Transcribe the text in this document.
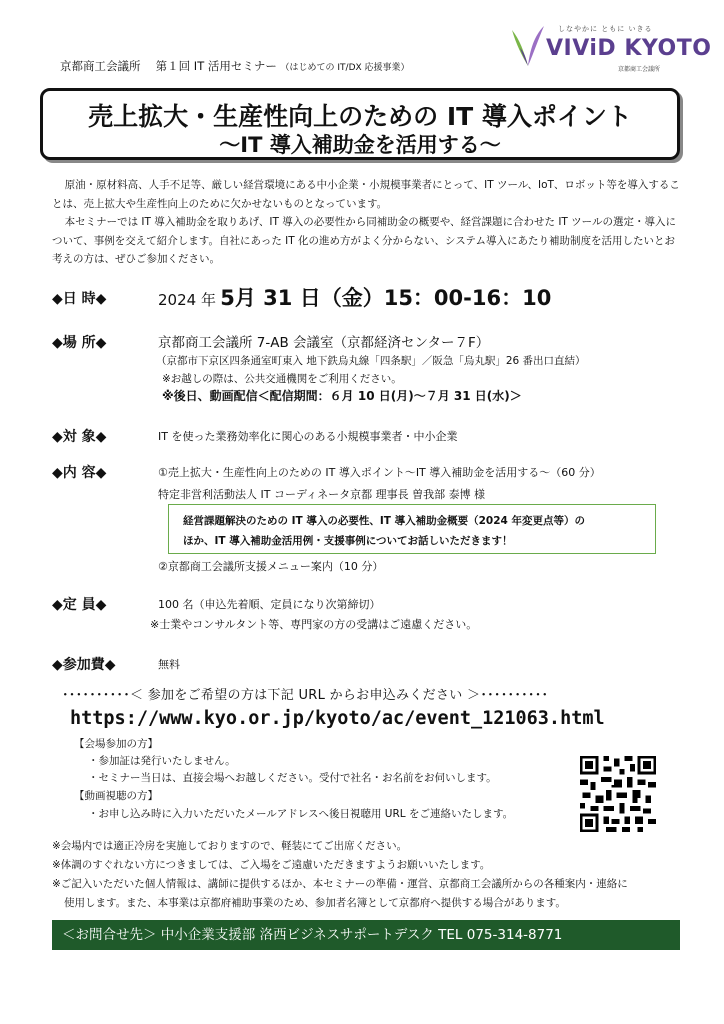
京都商工会議所　 第１回 IT 活用セミナー （はじめての IT/DX 応援事業）
しなやかに ともに いきる
VIViD KYOTO
京都商工会議所
売上拡大・生産性向上のための IT 導入ポイント
～IT 導入補助金を活用する～

原油・原材料高、人手不足等、厳しい経営環境にある中小企業・小規模事業者にとって、IT ツール、IoT、ロボット等を導入することは、売上拡大や生産性向上のために欠かせないものとなっています。

本セミナーでは IT 導入補助金を取りあげ、IT 導入の必要性から同補助金の概要や、経営課題に合わせた IT ツールの選定・導入について、事例を交えて紹介します。自社にあった IT 化の進め方がよく分からない、システム導入にあたり補助制度を活用したいとお考えの方は、ぜひご参加ください。

◆日 時◆	2024 年 5月 31 日（金）15：00-16：10
◆場 所◆	京都商工会議所 7-AB 会議室（京都経済センター７F）
（京都市下京区四条通室町東入 地下鉄烏丸線「四条駅」／阪急「烏丸駅」26 番出口直結）
※お越しの際は、公共交通機関をご利用ください。
※後日、動画配信＜配信期間：６月 10 日(月)～７月 31 日(水)＞
◆対 象◆	IT を使った業務効率化に関心のある小規模事業者・中小企業
◆内 容◆	①売上拡大・生産性向上のための IT 導入ポイント～IT 導入補助金を活用する～（60 分）
特定非営利活動法人 IT コーディネータ京都 理事長 曽我部 泰博 様
経営課題解決のための IT 導入の必要性、IT 導入補助金概要（2024 年変更点等）の
ほか、IT 導入補助金活用例・支援事例についてお話しいただきます！
②京都商工会議所支援メニュー案内（10 分）
◆定 員◆	100 名（申込先着順、定員になり次第締切）
※士業やコンサルタント等、専門家の方の受講はご遠慮ください。
◆参加費◆	無料
･･････････＜ 参加をご希望の方は下記 URL からお申込みください ＞･･････････
https://www.kyo.or.jp/kyoto/ac/event_121063.html
【会場参加の方】
・参加証は発行いたしません。
・セミナー当日は、直接会場へお越しください。受付で社名・お名前をお伺いします。
【動画視聴の方】
・お申し込み時に入力いただいたメールアドレスへ後日視聴用 URL をご連絡いたします。
※会場内では適正冷房を実施しておりますので、軽装にてご出席ください。
※体調のすぐれない方につきましては、ご入場をご遠慮いただきますようお願いいたします。
※ご記入いただいた個人情報は、講師に提供するほか、本セミナーの準備・運営、京都商工会議所からの各種案内・連絡に
使用します。また、本事業は京都府補助事業のため、参加者名簿として京都府へ提供する場合があります。
＜お問合せ先＞ 中小企業支援部 洛西ビジネスサポートデスク TEL 075-314-8771
